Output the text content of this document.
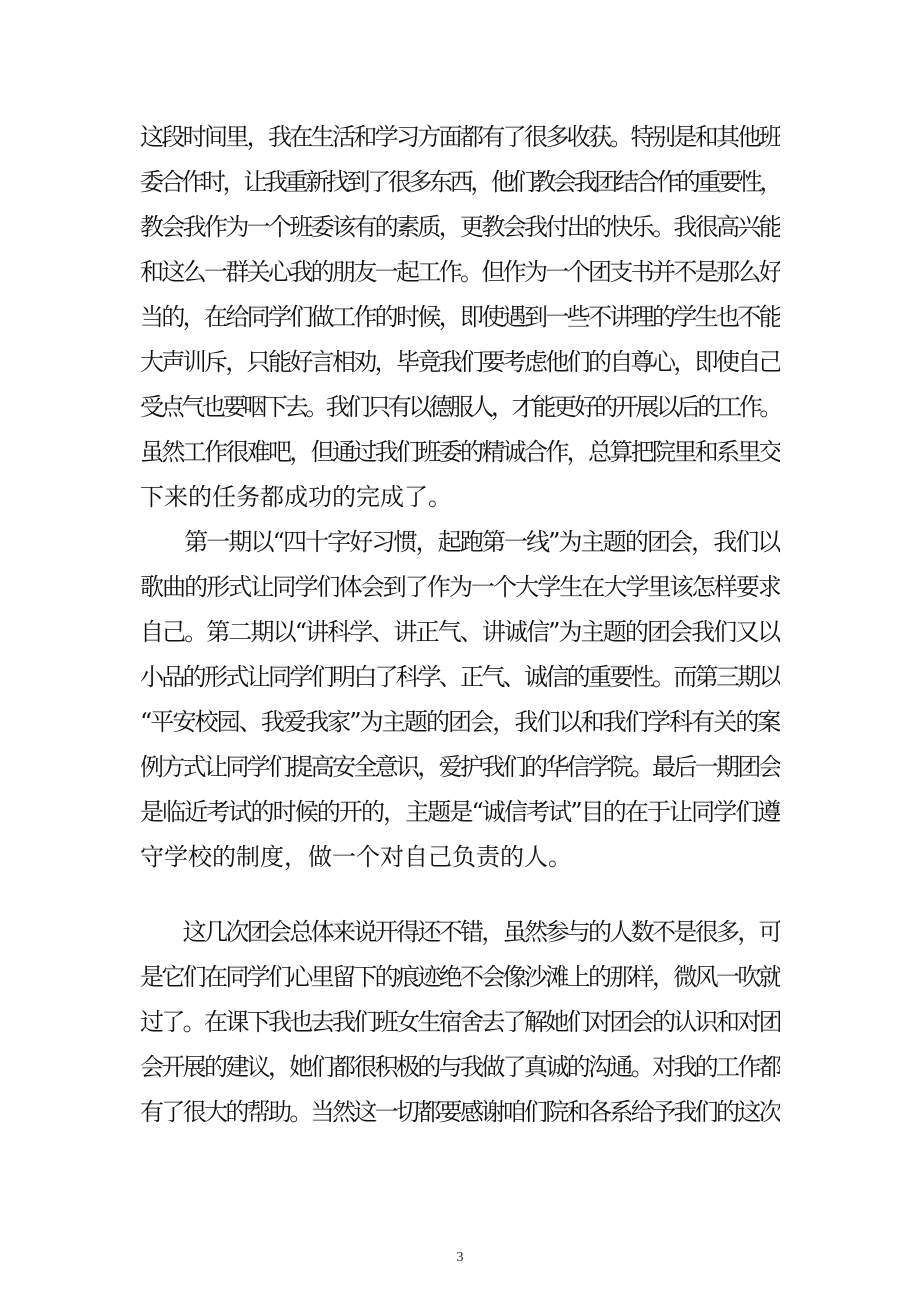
这段时间里，我在生活和学习方面都有了很多收获。特别是和其他班
委合作时，让我重新找到了很多东西，他们教会我团结合作的重要性，
教会我作为一个班委该有的素质，更教会我付出的快乐。我很高兴能
和这么一群关心我的朋友一起工作。但作为一个团支书并不是那么好
当的，在给同学们做工作的时候，即使遇到一些不讲理的学生也不能
大声训斥，只能好言相劝，毕竟我们要考虑他们的自尊心，即使自己
受点气也要咽下去。我们只有以德服人，才能更好的开展以后的工作。
虽然工作很难吧，但通过我们班委的精诚合作，总算把院里和系里交
下来的任务都成功的完成了。
　　第一期以“四十字好习惯，起跑第一线”为主题的团会，我们以
歌曲的形式让同学们体会到了作为一个大学生在大学里该怎样要求
自己。第二期以“讲科学、讲正气、讲诚信”为主题的团会我们又以
小品的形式让同学们明白了科学、正气、诚信的重要性。而第三期以
“平安校园、我爱我家”为主题的团会，我们以和我们学科有关的案
例方式让同学们提高安全意识，爱护我们的华信学院。最后一期团会
是临近考试的时候的开的，主题是“诚信考试”目的在于让同学们遵
守学校的制度，做一个对自己负责的人。
　　这几次团会总体来说开得还不错，虽然参与的人数不是很多，可
是它们在同学们心里留下的痕迹绝不会像沙滩上的那样，微风一吹就
过了。在课下我也去我们班女生宿舍去了解她们对团会的认识和对团
会开展的建议，她们都很积极的与我做了真诚的沟通。对我的工作都
有了很大的帮助。当然这一切都要感谢咱们院和各系给予我们的这次
3
